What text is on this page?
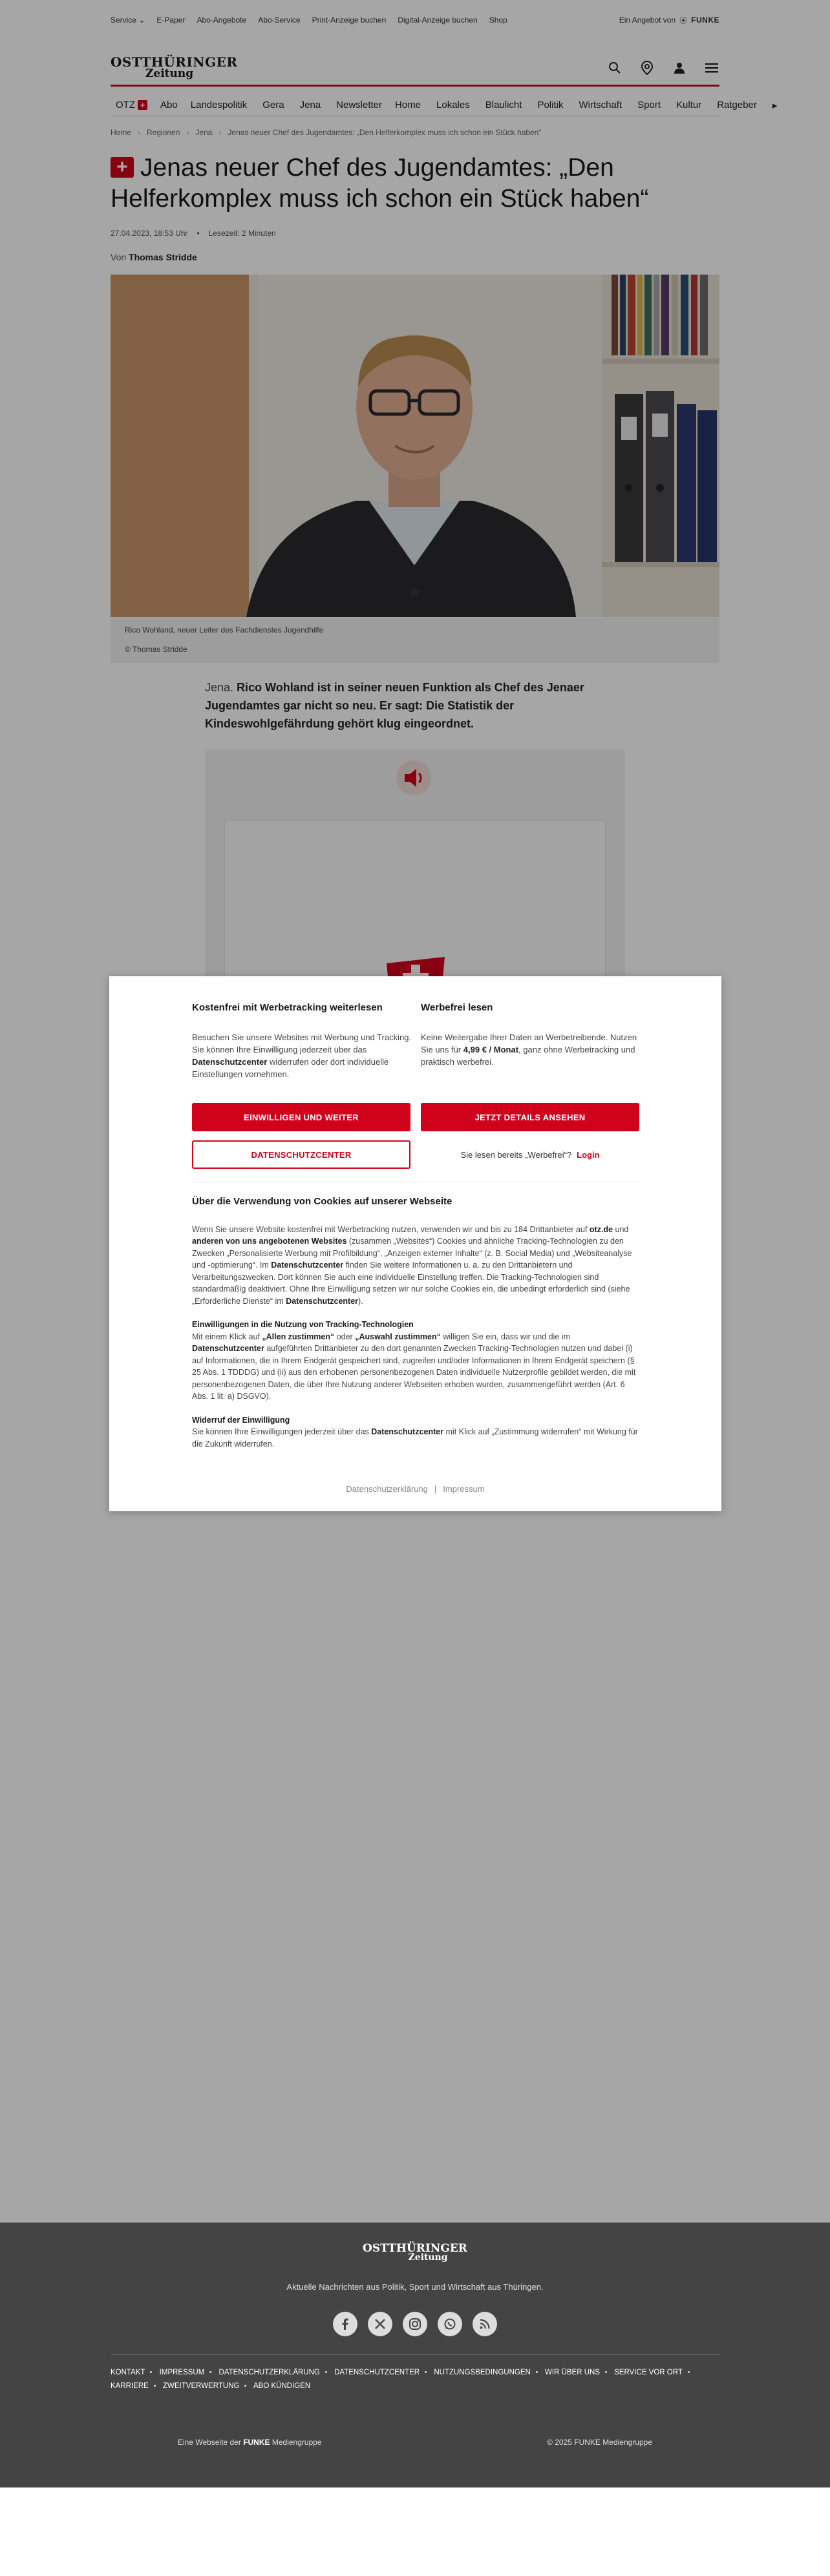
Service ⌄ E-Paper Abo-Angebote Abo-Service Print-Anzeige buchen Digital-Anzeige buchen Shop	Ein Angebot von ⦿ FUNKE
OSTTHÜRINGER
Zeitung
OTZ +	Abo	Landespolitik	Gera	Jena	Newsletter	Home	Lokales	Blaulicht	Politik	Wirtschaft	Sport	Kultur	Ratgeber	▸
Home › Regionen › Jena › Jenas neuer Chef des Jugendamtes: „Den Helferkomplex muss ich schon ein Stück haben“
+ Jenas neuer Chef des Jugendamtes: „Den Helferkomplex muss ich schon ein Stück haben“
27.04.2023, 18:53 Uhr • Lesezeit: 2 Minuten
Von Thomas Stridde
Rico Wohland, neuer Leiter des Fachdienstes Jugendhilfe
© Thomas Stridde

Jena. Rico Wohland ist in seiner neuen Funktion als Chef des Jenaer Jugendamtes gar nicht so neu. Er sagt: Die Statistik der Kindeswohlgefährdung gehört klug eingeordnet.

Kostenfrei mit Werbetracking weiterlesen

Besuchen Sie unsere Websites mit Werbung und Tracking. Sie können Ihre Einwilligung jederzeit über das Datenschutzcenter widerrufen oder dort individuelle Einstellungen vornehmen.

Werbefrei lesen

Keine Weitergabe Ihrer Daten an Werbetreibende. Nutzen Sie uns für 4,99 € / Monat, ganz ohne Werbetracking und praktisch werbefrei.

EINWILLIGEN UND WEITER	JETZT DETAILS ANSEHEN
DATENSCHUTZCENTER	Sie lesen bereits „Werbefrei“? Login
Über die Verwendung von Cookies auf unserer Webseite

Wenn Sie unsere Website kostenfrei mit Werbetracking nutzen, verwenden wir und bis zu 184 Drittanbieter auf otz.de und anderen von uns angebotenen Websites (zusammen „Websites“) Cookies und ähnliche Tracking-Technologien zu den Zwecken „Personalisierte Werbung mit Profilbildung“, „Anzeigen externer Inhalte“ (z. B. Social Media) und „Websiteanalyse und -optimierung“. Im Datenschutzcenter finden Sie weitere Informationen u. a. zu den Drittanbietern und Verarbeitungszwecken. Dort können Sie auch eine individuelle Einstellung treffen. Die Tracking-Technologien sind standardmäßig deaktiviert. Ohne Ihre Einwilligung setzen wir nur solche Cookies ein, die unbedingt erforderlich sind (siehe „Erforderliche Dienste“ im Datenschutzcenter).

Einwilligungen in die Nutzung von Tracking-Technologien

Mit einem Klick auf „Allen zustimmen“ oder „Auswahl zustimmen“ willigen Sie ein, dass wir und die im Datenschutzcenter aufgeführten Drittanbieter zu den dort genannten Zwecken Tracking-Technologien nutzen und dabei (i) auf Informationen, die in Ihrem Endgerät gespeichert sind, zugreifen und/oder Informationen in Ihrem Endgerät speichern (§ 25 Abs. 1 TDDDG) und (ii) aus den erhobenen personenbezogenen Daten individuelle Nutzerprofile gebildet werden, die mit personenbezogenen Daten, die über Ihre Nutzung anderer Webseiten erhoben wurden, zusammengeführt werden (Art. 6 Abs. 1 lit. a) DSGVO).

Widerruf der Einwilligung

Sie können Ihre Einwilligungen jederzeit über das Datenschutzcenter mit Klick auf „Zustimmung widerrufen“ mit Wirkung für die Zukunft widerrufen.

Datenschutzerklärung | Impressum
OSTTHÜRINGER
Zeitung
Aktuelle Nachrichten aus Politik, Sport und Wirtschaft aus Thüringen.
KONTAKT IMPRESSUM DATENSCHUTZERKLÄRUNG DATENSCHUTZCENTER NUTZUNGSBEDINGUNGEN WIR ÜBER UNS SERVICE VOR ORT KARRIERE ZWEITVERWERTUNG ABO KÜNDIGEN
Eine Webseite der FUNKE Mediengruppe	© 2025 FUNKE Mediengruppe
